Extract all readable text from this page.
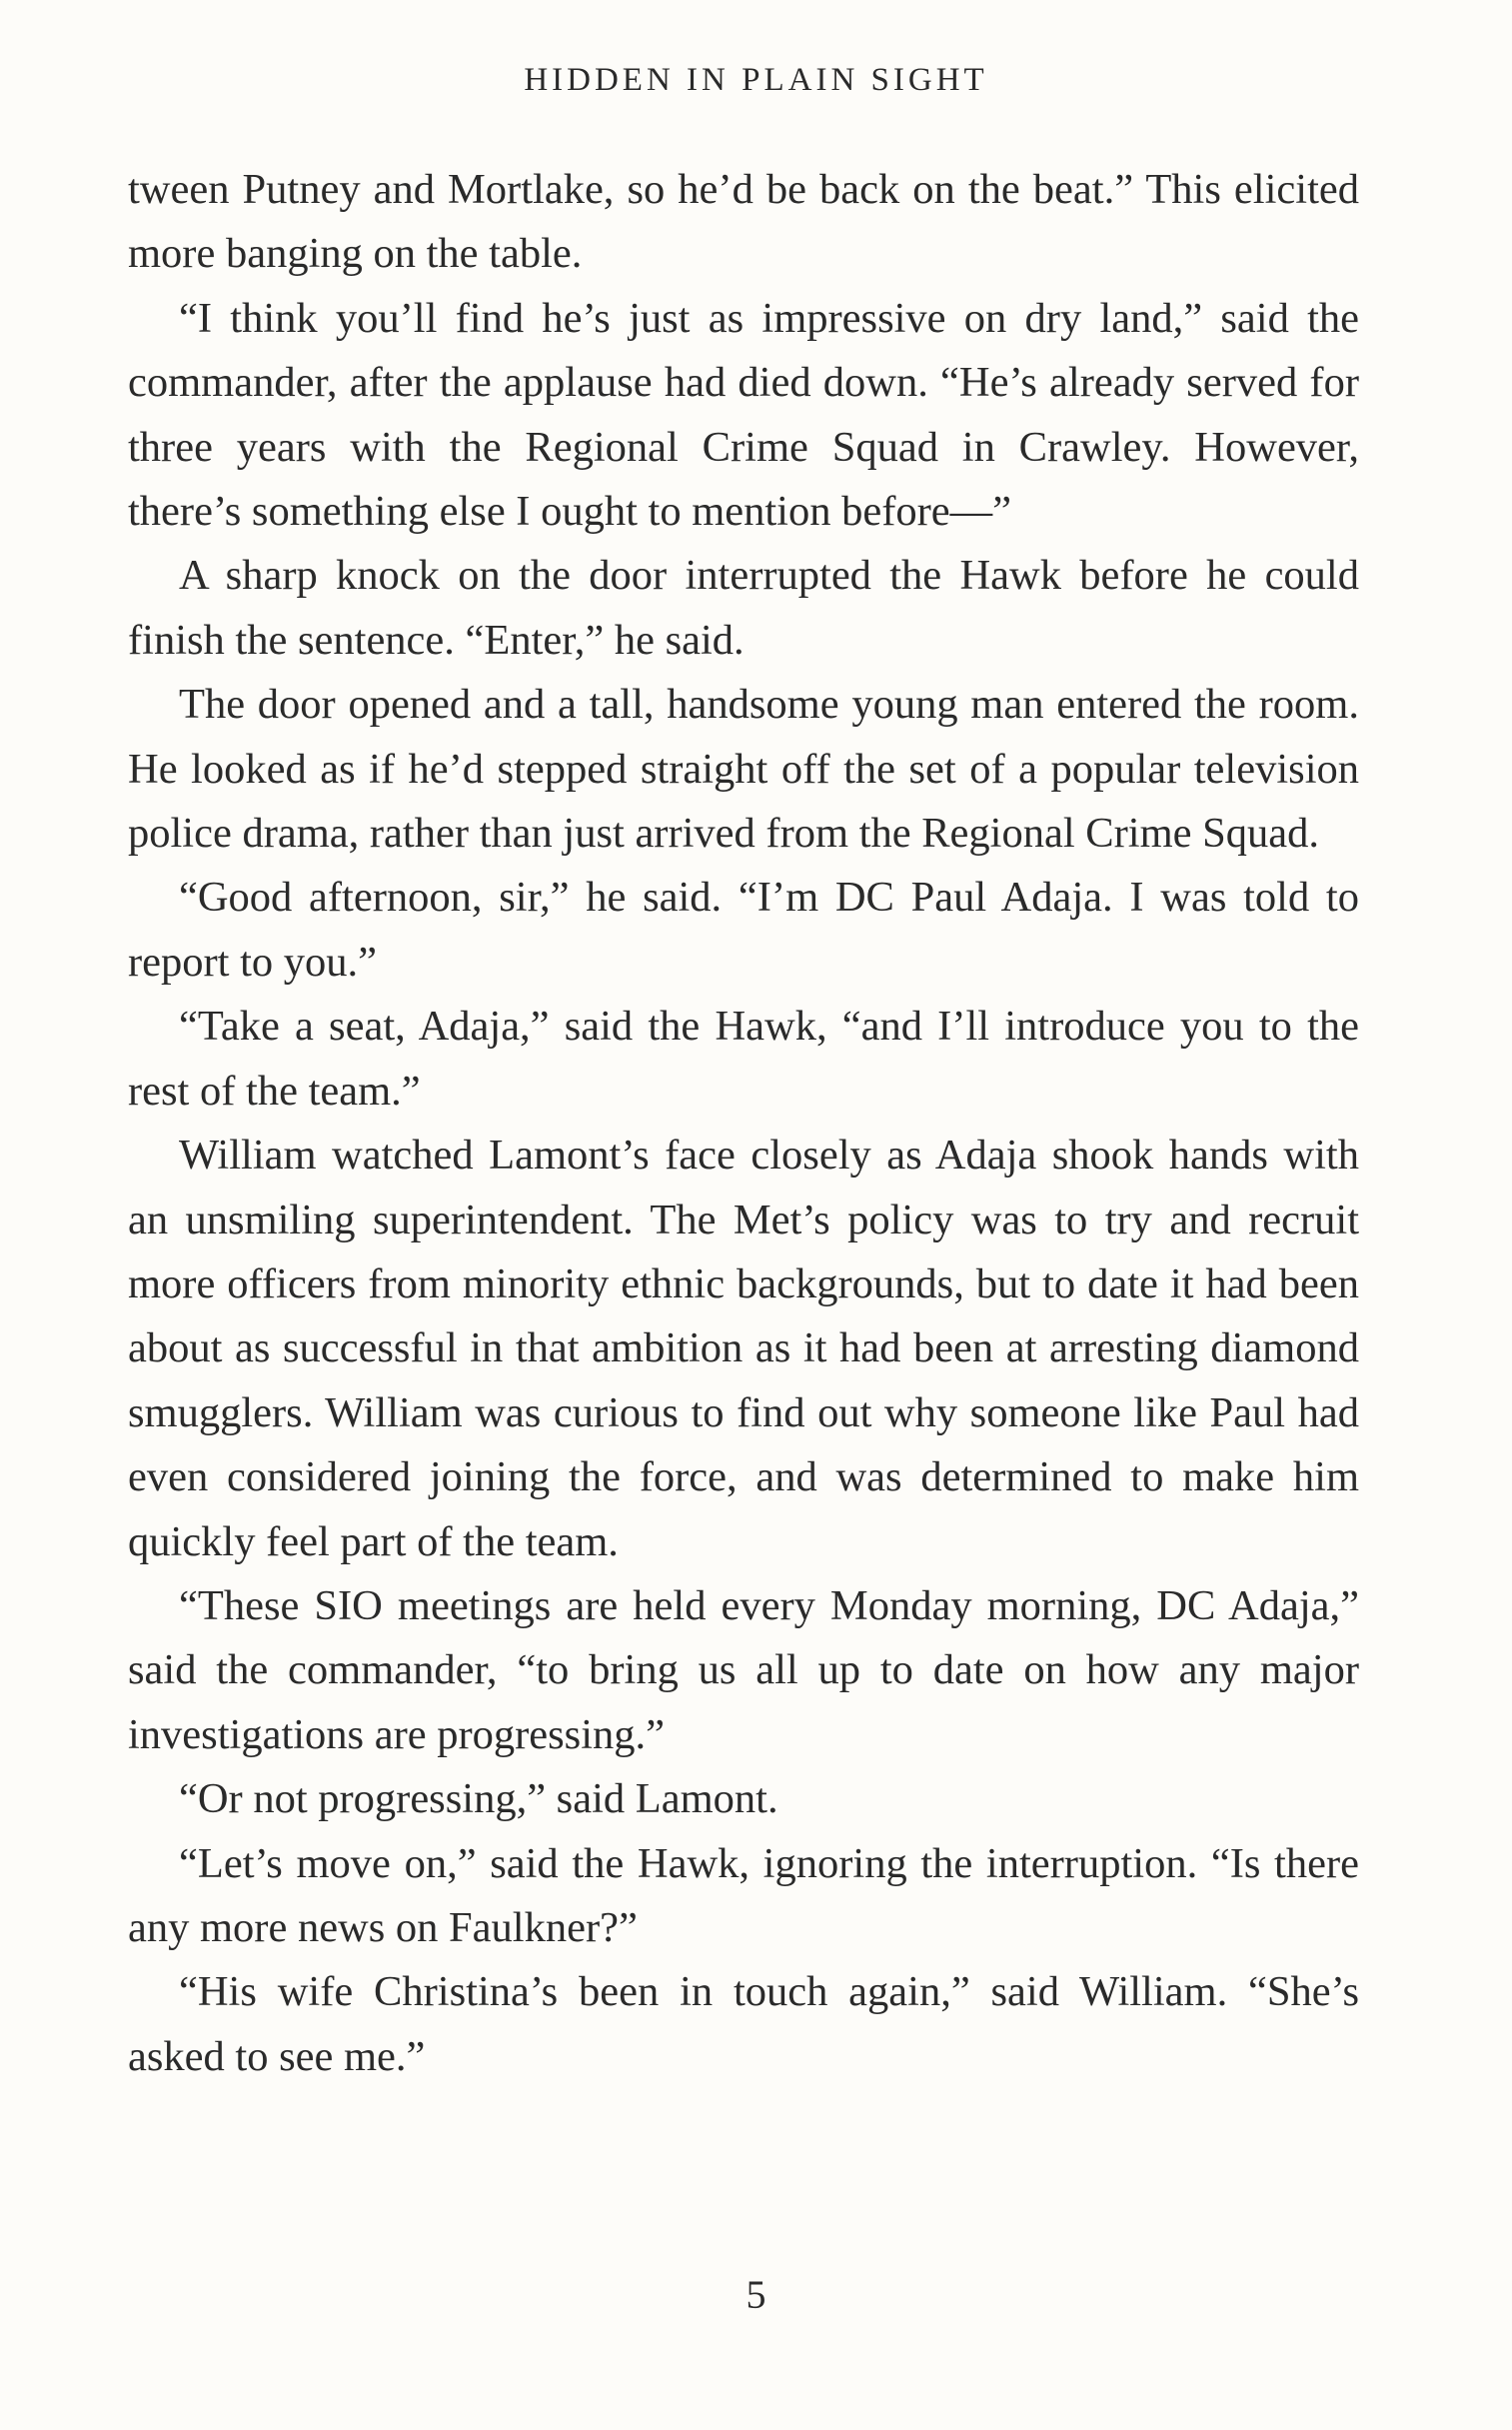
HIDDEN IN PLAIN SIGHT

tween Putney and Mortlake, so he’d be back on the beat.” This elicited more banging on the table.

“I think you’ll find he’s just as impressive on dry land,” said the commander, after the applause had died down. “He’s already served for three years with the Regional Crime Squad in Crawley. However, there’s something else I ought to mention before—”

A sharp knock on the door interrupted the Hawk before he could finish the sentence. “Enter,” he said.

The door opened and a tall, handsome young man entered the room. He looked as if he’d stepped straight off the set of a popular television police drama, rather than just arrived from the Regional Crime Squad.

“Good afternoon, sir,” he said. “I’m DC Paul Adaja. I was told to report to you.”

“Take a seat, Adaja,” said the Hawk, “and I’ll introduce you to the rest of the team.”

William watched Lamont’s face closely as Adaja shook hands with an unsmiling superintendent. The Met’s policy was to try and recruit more officers from minority ethnic backgrounds, but to date it had been about as successful in that ambition as it had been at arresting diamond smugglers. William was curious to find out why someone like Paul had even considered joining the force, and was determined to make him quickly feel part of the team.

“These SIO meetings are held every Monday morning, DC Adaja,” said the commander, “to bring us all up to date on how any major investigations are progressing.”

“Or not progressing,” said Lamont.

“Let’s move on,” said the Hawk, ignoring the interruption. “Is there any more news on Faulkner?”

“His wife Christina’s been in touch again,” said William. “She’s asked to see me.”

5
